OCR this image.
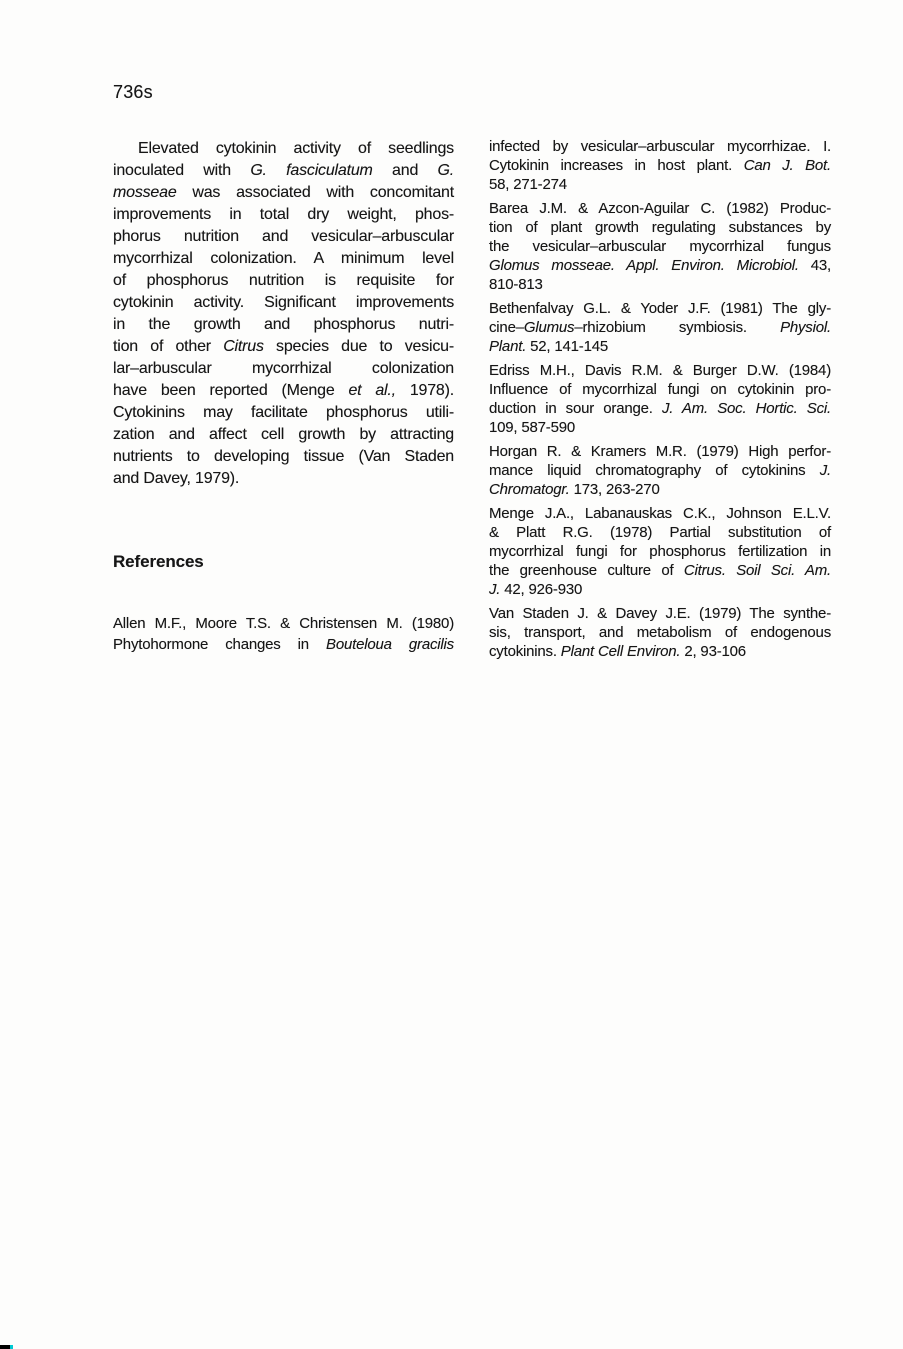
736s
Elevated cytokinin activity of seedlings
inoculated with G. fasciculatum and G.
mosseae was associated with concomitant
improvements in total dry weight, phos-
phorus nutrition and vesicular–arbuscular
mycorrhizal colonization. A minimum level
of phosphorus nutrition is requisite for
cytokinin activity. Significant improvements
in the growth and phosphorus nutri-
tion of other Citrus species due to vesicu-
lar–arbuscular mycorrhizal colonization
have been reported (Menge et al., 1978).
Cytokinins may facilitate phosphorus utili-
zation and affect cell growth by attracting
nutrients to developing tissue (Van Staden
and Davey, 1979).
References
Allen M.F., Moore T.S. & Christensen M. (1980)
Phytohormone changes in Bouteloua gracilis
infected by vesicular–arbuscular mycorrhizae. I.
Cytokinin increases in host plant. Can J. Bot.
58, 271-274
Barea J.M. & Azcon-Aguilar C. (1982) Produc-
tion of plant growth regulating substances by
the vesicular–arbuscular mycorrhizal fungus
Glomus mosseae. Appl. Environ. Microbiol. 43,
810-813
Bethenfalvay G.L. & Yoder J.F. (1981) The gly-
cine–Glumus–rhizobium symbiosis. Physiol.
Plant. 52, 141-145
Edriss M.H., Davis R.M. & Burger D.W. (1984)
Influence of mycorrhizal fungi on cytokinin pro-
duction in sour orange. J. Am. Soc. Hortic. Sci.
109, 587-590
Horgan R. & Kramers M.R. (1979) High perfor-
mance liquid chromatography of cytokinins J.
Chromatogr. 173, 263-270
Menge J.A., Labanauskas C.K., Johnson E.L.V.
& Platt R.G. (1978) Partial substitution of
mycorrhizal fungi for phosphorus fertilization in
the greenhouse culture of Citrus. Soil Sci. Am.
J. 42, 926-930
Van Staden J. & Davey J.E. (1979) The synthe-
sis, transport, and metabolism of endogenous
cytokinins. Plant Cell Environ. 2, 93-106
